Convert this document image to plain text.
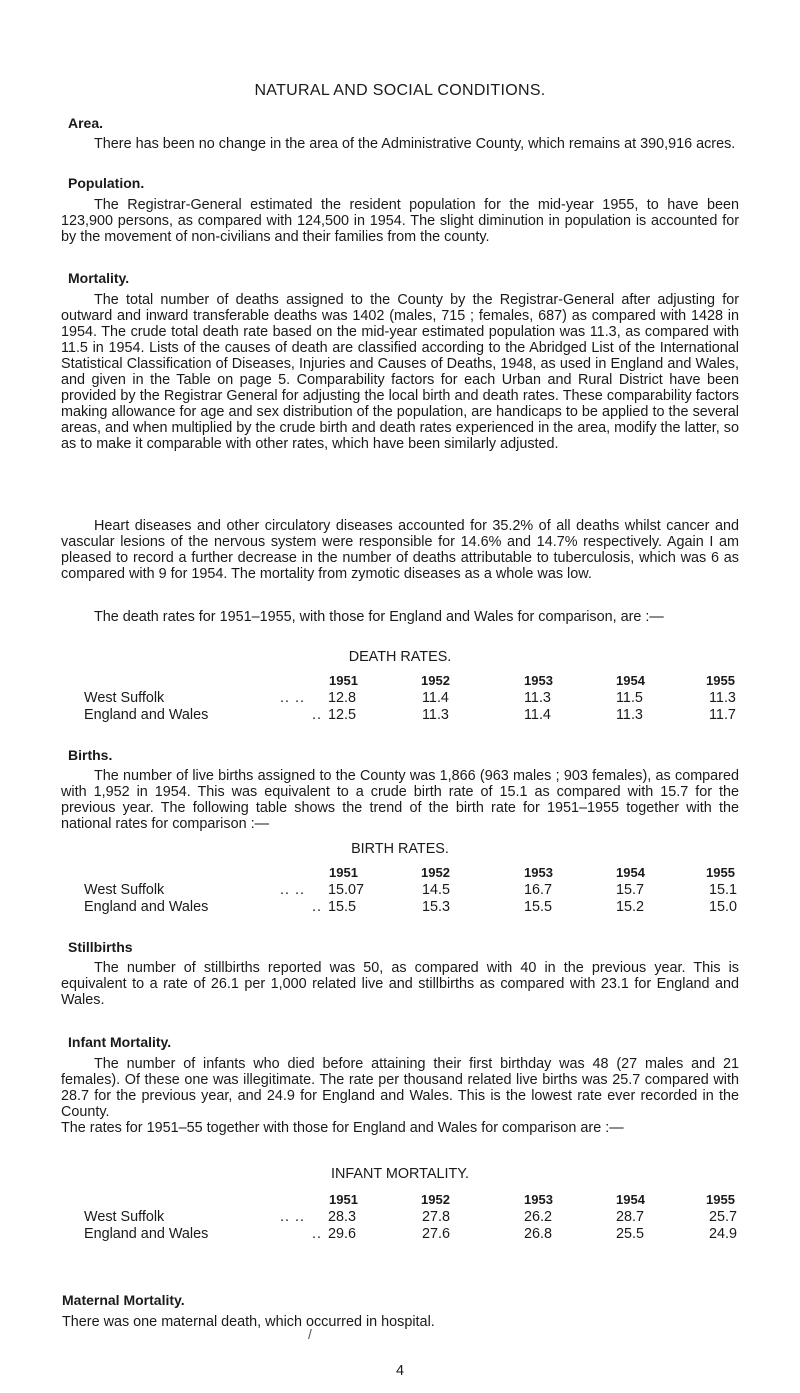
NATURAL AND SOCIAL CONDITIONS.
Area.

There has been no change in the area of the Administrative County, which remains at 390,916 acres.

Population.

The Registrar-General estimated the resident population for the mid-year 1955, to have been 123,900 persons, as compared with 124,500 in 1954. The slight diminution in population is accounted for by the movement of non-civilians and their families from the county.

Mortality.

The total number of deaths assigned to the County by the Registrar-General after adjusting for outward and inward transferable deaths was 1402 (males, 715 ; females, 687) as compared with 1428 in 1954. The crude total death rate based on the mid-year estimated population was 11.3, as compared with 11.5 in 1954. Lists of the causes of death are classified according to the Abridged List of the International Statistical Classification of Diseases, Injuries and Causes of Deaths, 1948, as used in England and Wales, and given in the Table on page 5. Comparability factors for each Urban and Rural District have been provided by the Registrar General for adjusting the local birth and death rates. These comparability factors making allowance for age and sex distribution of the population, are handicaps to be applied to the several areas, and when multiplied by the crude birth and death rates experienced in the area, modify the latter, so as to make it comparable with other rates, which have been similarly adjusted.

Heart diseases and other circulatory diseases accounted for 35.2% of all deaths whilst cancer and vascular lesions of the nervous system were responsible for 14.6% and 14.7% respectively. Again I am pleased to record a further decrease in the number of deaths attributable to tuberculosis, which was 6 as compared with 9 for 1954. The mortality from zymotic diseases as a whole was low.

The death rates for 1951–1955, with those for England and Wales for comparison, are :—

DEATH RATES.
1951	1952	1953	1954	1955
West Suffolk	.. .. 12.8	11.4	11.3	11.5	11.3
England and Wales	.. 12.5	11.3	11.4	11.3	11.7
Births.

The number of live births assigned to the County was 1,866 (963 males ; 903 females), as compared with 1,952 in 1954. This was equivalent to a crude birth rate of 15.1 as compared with 15.7 for the previous year. The following table shows the trend of the birth rate for 1951–1955 together with the national rates for comparison :—

BIRTH RATES.
1951	1952	1953	1954	1955
West Suffolk	.. .. 15.07	14.5	16.7	15.7	15.1
England and Wales	.. 15.5	15.3	15.5	15.2	15.0
Stillbirths

The number of stillbirths reported was 50, as compared with 40 in the previous year. This is equivalent to a rate of 26.1 per 1,000 related live and stillbirths as compared with 23.1 for England and Wales.

Infant Mortality.

The number of infants who died before attaining their first birthday was 48 (27 males and 21 females). Of these one was illegitimate. The rate per thousand related live births was 25.7 compared with 28.7 for the previous year, and 24.9 for England and Wales. This is the lowest rate ever recorded in the County.

The rates for 1951–55 together with those for England and Wales for comparison are :—

INFANT MORTALITY.
1951	1952	1953	1954	1955
West Suffolk	.. .. 28.3	27.8	26.2	28.7	25.7
England and Wales	.. 29.6	27.6	26.8	25.5	24.9
/
Maternal Mortality.
There was one maternal death, which occurred in hospital.
4
